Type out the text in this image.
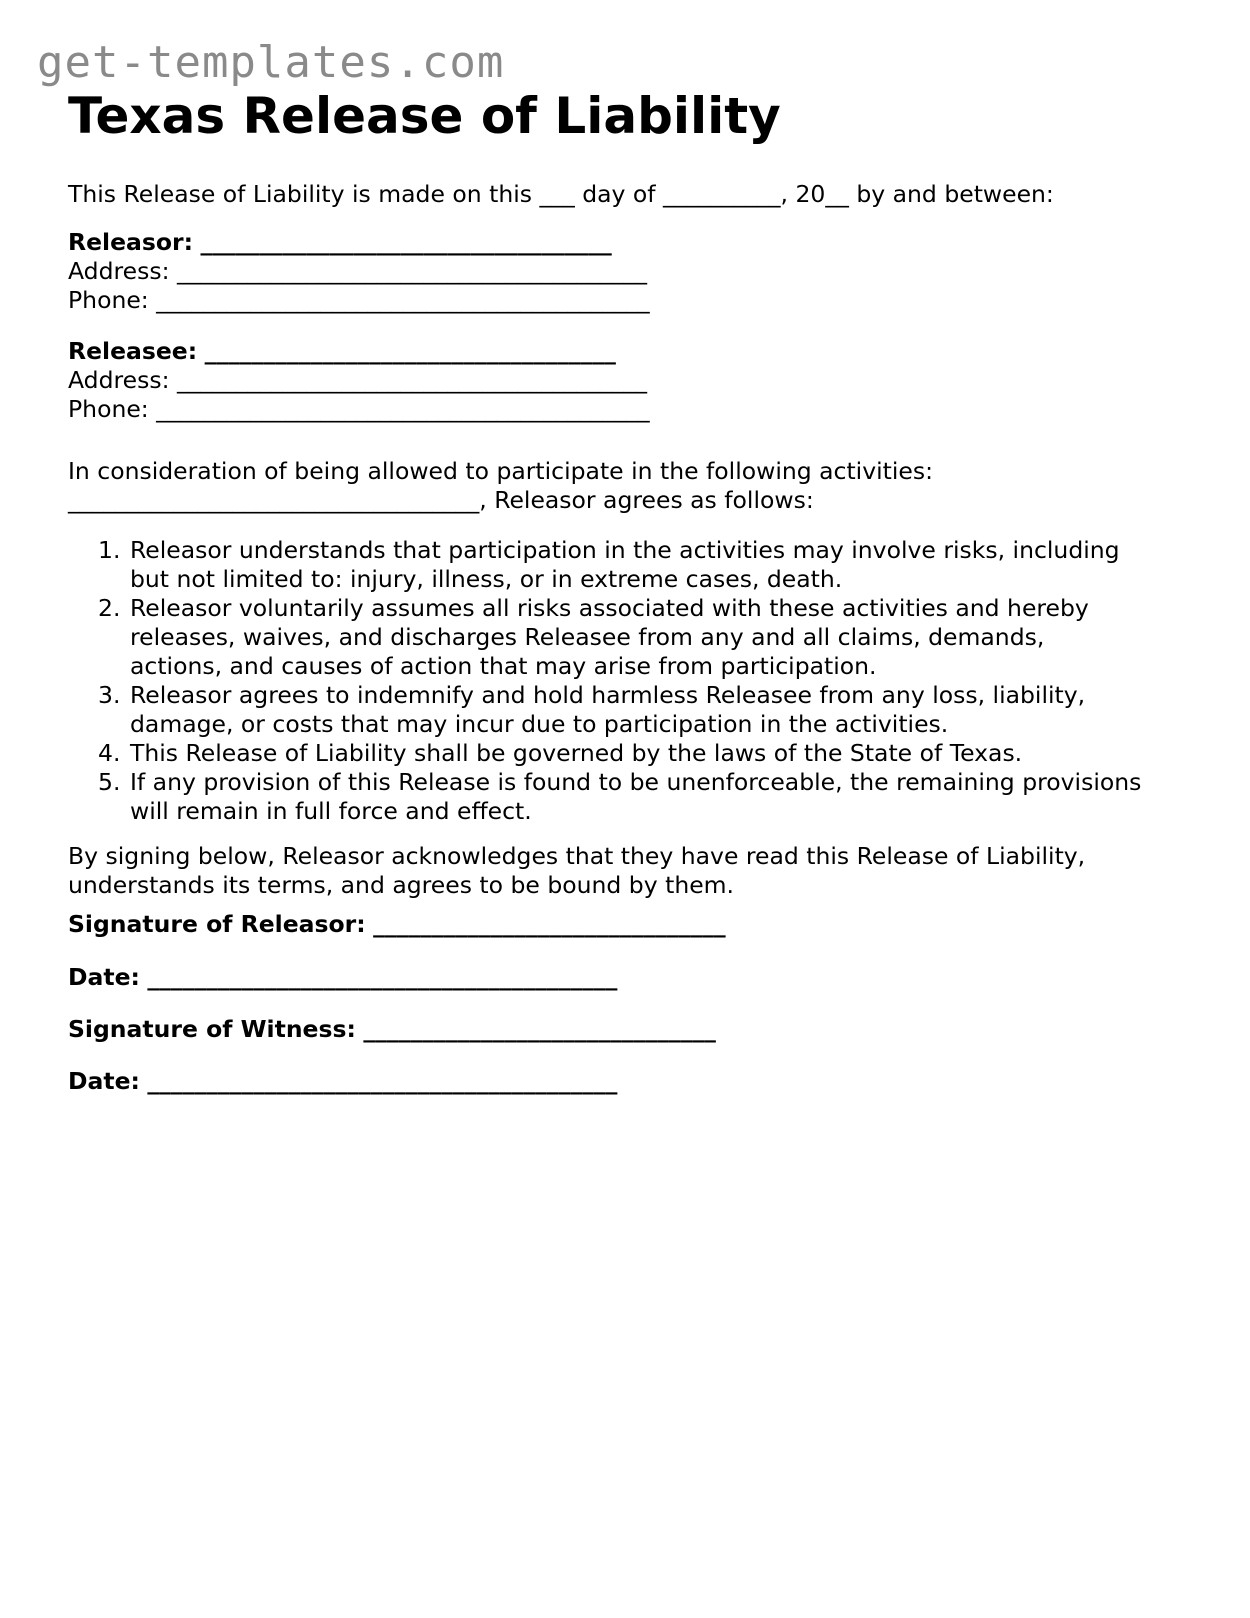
get-templates.com
Texas Release of Liability
This Release of Liability is made on this ___ day of __________, 20__ by and between:
Releasor: ___________________________________
Address: ________________________________________
Phone: __________________________________________
Releasee: ___________________________________
Address: ________________________________________
Phone: __________________________________________
In consideration of being allowed to participate in the following activities:
___________________________________, Releasor agrees as follows:
1. Releasor understands that participation in the activities may involve risks, including
but not limited to: injury, illness, or in extreme cases, death.
2. Releasor voluntarily assumes all risks associated with these activities and hereby
releases, waives, and discharges Releasee from any and all claims, demands,
actions, and causes of action that may arise from participation.
3. Releasor agrees to indemnify and hold harmless Releasee from any loss, liability,
damage, or costs that may incur due to participation in the activities.
4. This Release of Liability shall be governed by the laws of the State of Texas.
5. If any provision of this Release is found to be unenforceable, the remaining provisions
will remain in full force and effect.
By signing below, Releasor acknowledges that they have read this Release of Liability,
understands its terms, and agrees to be bound by them.
Signature of Releasor: ______________________________
Date: ________________________________________
Signature of Witness: ______________________________
Date: ________________________________________
